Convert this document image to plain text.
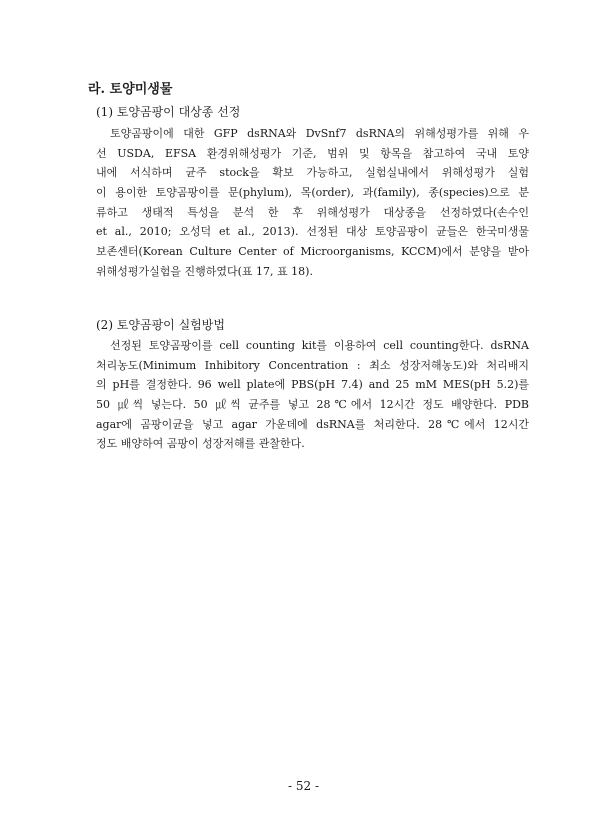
라. 토양미생물
(1) 토양곰팡이 대상종 선정
토양곰팡이에 대한 GFP dsRNA와 DvSnf7 dsRNA의 위해성평가를 위해 우
선 USDA, EFSA 환경위해성평가 기준, 범위 및 항목을 참고하여 국내 토양
내에 서식하며 균주 stock을 확보 가능하고, 실험실내에서 위해성평가 실험
이 용이한 토양곰팡이를 문(phylum), 목(order), 과(family), 종(species)으로 분
류하고 생태적 특성을 분석 한 후 위해성평가 대상종을 선정하였다(손수인
et al., 2010; 오성덕 et al., 2013). 선정된 대상 토양곰팡이 균들은 한국미생물
보존센터(Korean Culture Center of Microorganisms, KCCM)에서 분양을 받아
위해성평가실험을 진행하였다(표 17, 표 18).
(2) 토양곰팡이 실험방법
선정된 토양곰팡이를 cell counting kit를 이용하여 cell counting한다. dsRNA
처리농도(Minimum Inhibitory Concentration : 최소 성장저해농도)와 처리배지
의 pH를 결정한다. 96 well plate에 PBS(pH 7.4) and 25 mM MES(pH 5.2)를
50 ㎕씩 넣는다. 50 ㎕씩 균주를 넣고 28℃에서 12시간 정도 배양한다. PDB
agar에 곰팡이균을 넣고 agar 가운데에 dsRNA를 처리한다. 28℃에서 12시간
정도 배양하여 곰팡이 성장저해를 관찰한다.
- 52 -
